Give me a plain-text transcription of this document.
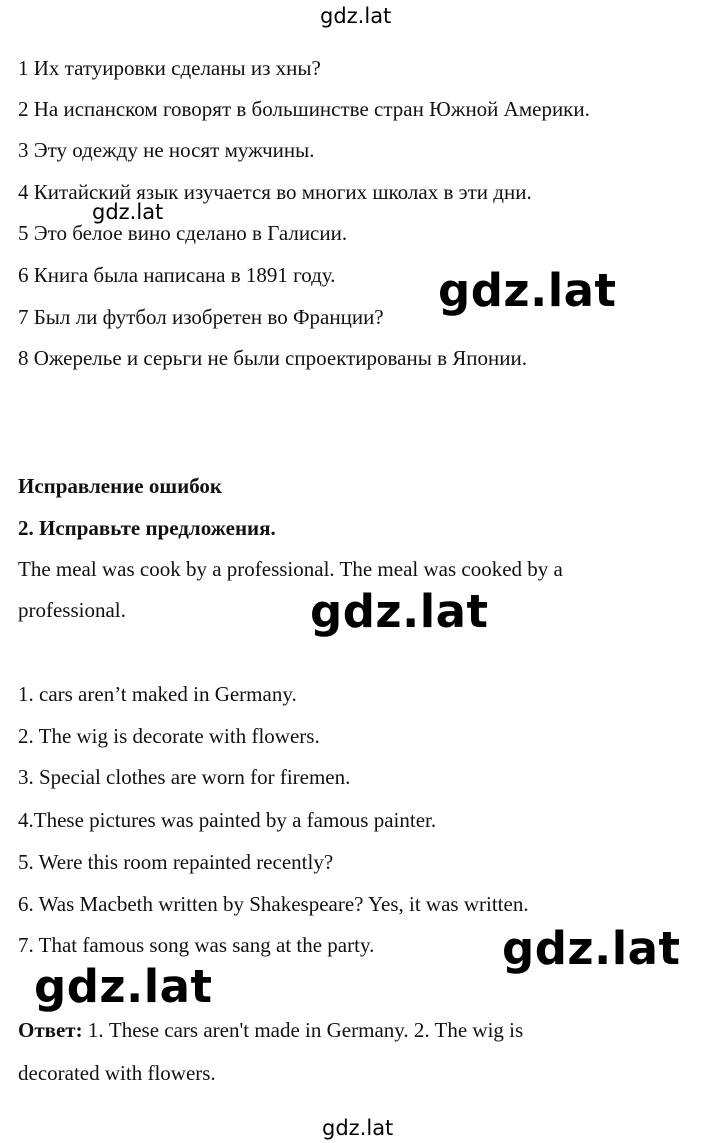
gdz.lat
gdz.lat
gdz.lat
gdz.lat
gdz.lat
gdz.lat
gdz.lat
1 Их татуировки сделаны из хны?
2 На испанском говорят в большинстве стран Южной Америки.
3 Эту одежду не носят мужчины.
4 Китайский язык изучается во многих школах в эти дни.
5 Это белое вино сделано в Галисии.
6 Книга была написана в 1891 году.
7 Был ли футбол изобретен во Франции?
8 Ожерелье и серьги не были спроектированы в Японии.
Исправление ошибок
2. Исправьте предложения.
The meal was cook by a professional. The meal was cooked by a
professional.
1. cars aren’t maked in Germany.
2. The wig is decorate with flowers.
3. Special clothes are worn for firemen.
4.These pictures was painted by a famous painter.
5. Were this room repainted recently?
6. Was Macbeth written by Shakespeare? Yes, it was written.
7. That famous song was sang at the party.
Ответ: 1. These cars aren't made in Germany. 2. The wig is
decorated with flowers.
